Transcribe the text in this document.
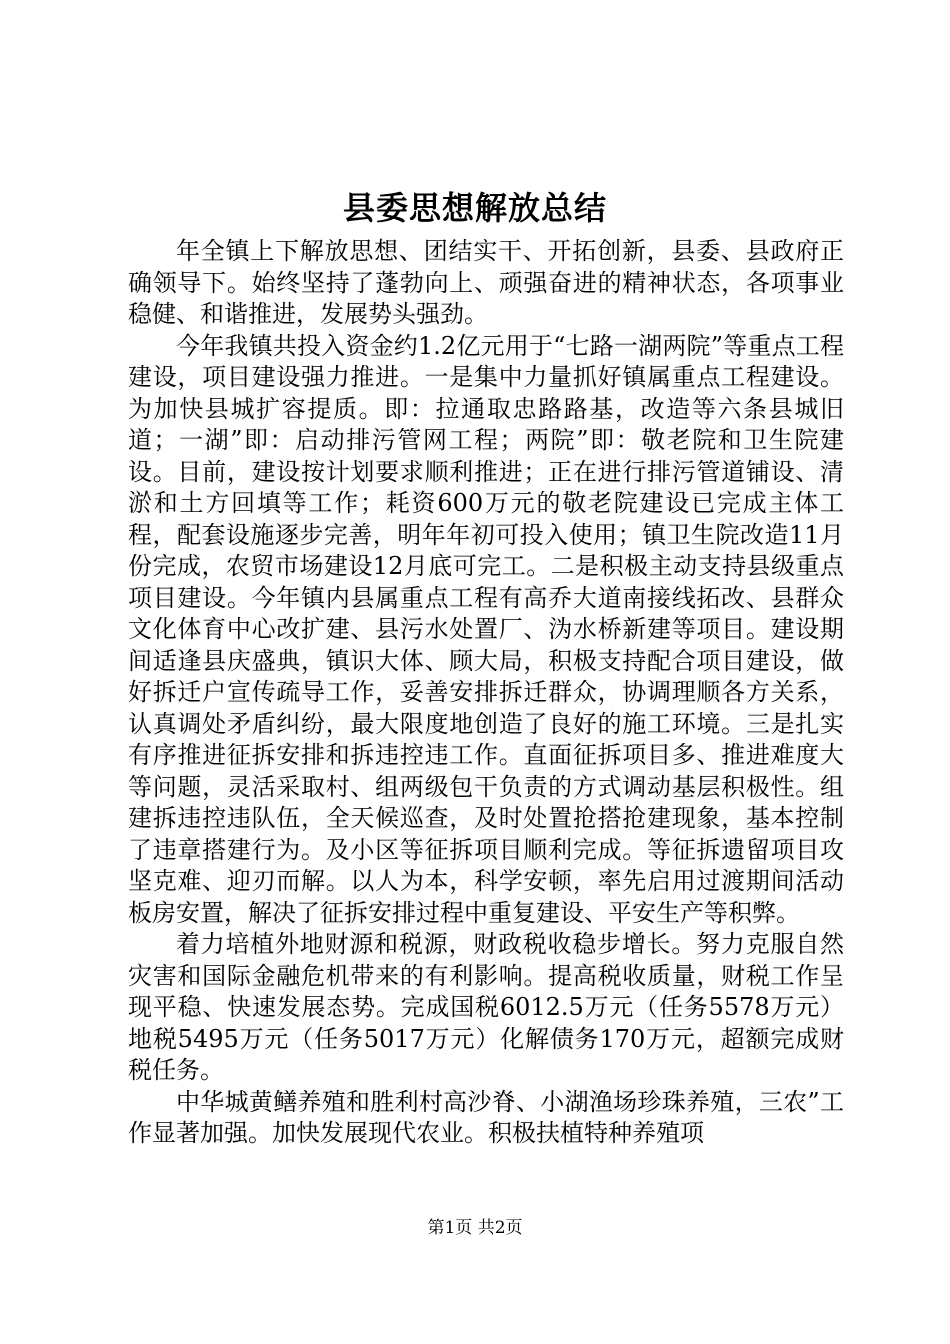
县委思想解放总结

年全镇上下解放思想、团结实干、开拓创新，县委、县政府正确领导下。始终坚持了蓬勃向上、顽强奋进的精神状态，各项事业稳健、和谐推进，发展势头强劲。

今年我镇共投入资金约1.2亿元用于“七路一湖两院”等重点工程建设，项目建设强力推进。一是集中力量抓好镇属重点工程建设。为加快县城扩容提质。即：拉通取忠路路基，改造等六条县城旧道；一湖”即：启动排污管网工程；两院”即：敬老院和卫生院建设。目前，建设按计划要求顺利推进；正在进行排污管道铺设、清淤和土方回填等工作；耗资600万元的敬老院建设已完成主体工程，配套设施逐步完善，明年年初可投入使用；镇卫生院改造11月份完成，农贸市场建设12月底可完工。二是积极主动支持县级重点项目建设。今年镇内县属重点工程有高乔大道南接线拓改、县群众文化体育中心改扩建、县污水处置厂、沩水桥新建等项目。建设期间适逢县庆盛典，镇识大体、顾大局，积极支持配合项目建设，做好拆迁户宣传疏导工作，妥善安排拆迁群众，协调理顺各方关系，认真调处矛盾纠纷，最大限度地创造了良好的施工环境。三是扎实有序推进征拆安排和拆违控违工作。直面征拆项目多、推进难度大等问题，灵活采取村、组两级包干负责的方式调动基层积极性。组建拆违控违队伍，全天候巡查，及时处置抢搭抢建现象，基本控制了违章搭建行为。及小区等征拆项目顺利完成。等征拆遗留项目攻坚克难、迎刃而解。以人为本，科学安顿，率先启用过渡期间活动板房安置，解决了征拆安排过程中重复建设、平安生产等积弊。

着力培植外地财源和税源，财政税收稳步增长。努力克服自然灾害和国际金融危机带来的有利影响。提高税收质量，财税工作呈现平稳、快速发展态势。完成国税6012.5万元（任务5578万元）地税5495万元（任务5017万元）化解债务170万元，超额完成财税任务。

中华城黄鳝养殖和胜利村高沙脊、小湖渔场珍珠养殖，三农”工作显著加强。加快发展现代农业。积极扶植特种养殖项

第1页 共2页
